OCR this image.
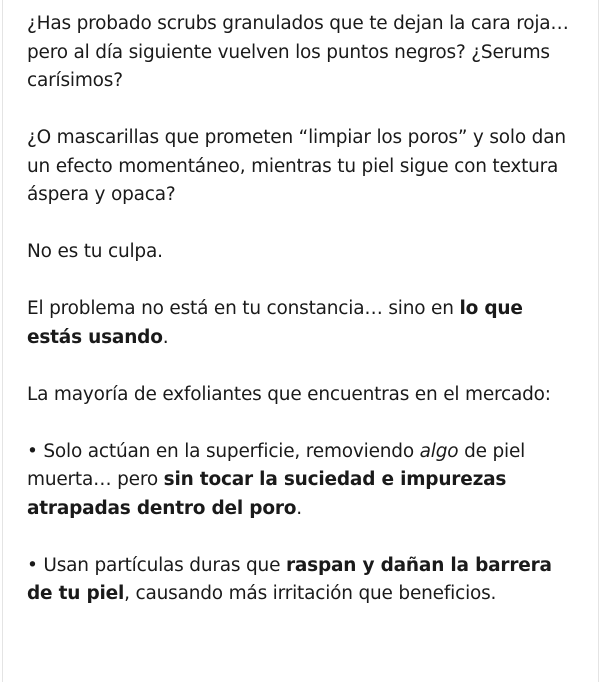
¿Has probado scrubs granulados que te dejan la cara roja… pero al día siguiente vuelven los puntos negros? ¿Serums carísimos?

¿O mascarillas que prometen “limpiar los poros” y solo dan un efecto momentáneo, mientras tu piel sigue con textura áspera y opaca?

No es tu culpa.

El problema no está en tu constancia… sino en lo que estás usando.

La mayoría de exfoliantes que encuentras en el mercado:

• Solo actúan en la superficie, removiendo algo de piel muerta… pero sin tocar la suciedad e impurezas atrapadas dentro del poro.

• Usan partículas duras que raspan y dañan la barrera de tu piel, causando más irritación que beneficios.
